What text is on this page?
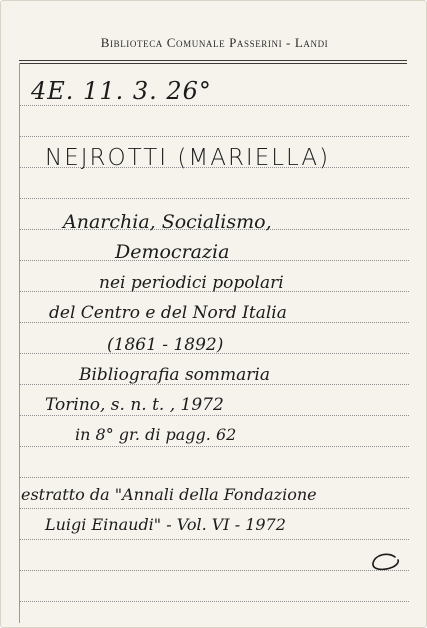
Biblioteca Comunale Passerini - Landi
4E. 11. 3. 26°
NEJROTTI (MARIELLA)
Anarchia, Socialismo,
Democrazia
nei periodici popolari
del Centro e del Nord Italia
(1861 - 1892)
Bibliografia sommaria
Torino, s. n. t. , 1972
in 8° gr. di pagg. 62
estratto da "Annali della Fondazione
Luigi Einaudi" - Vol. VI - 1972
